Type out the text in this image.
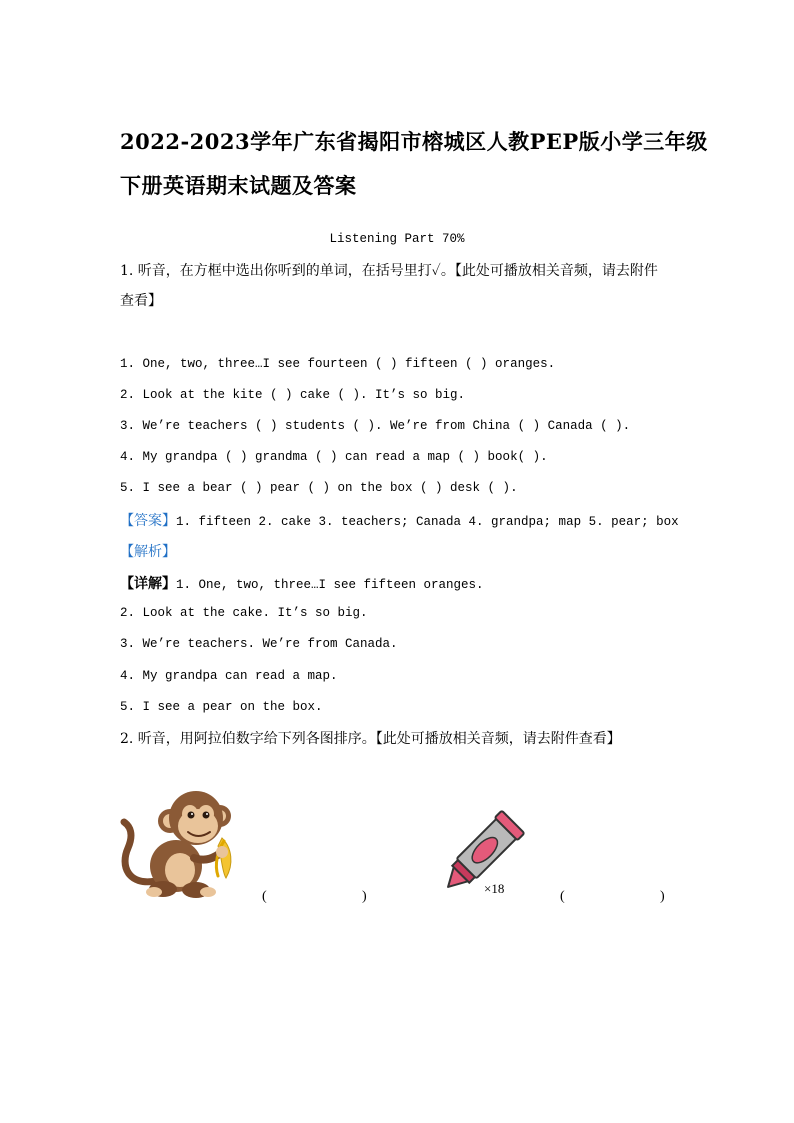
2022-2023学年广东省揭阳市榕城区人教PEP版小学三年级
下册英语期末试题及答案
Listening Part 70%
1. 听音，在方框中选出你听到的单词，在括号里打✓。【此处可播放相关音频，请去附件
查看】
1. One, two, three…I see fourteen ( ) fifteen ( ) oranges.
2. Look at the kite ( ) cake ( ). It’s so big.
3. We’re teachers ( ) students ( ). We’re from China ( ) Canada ( ).
4. My grandpa ( ) grandma ( ) can read a map ( ) book( ).
5. I see a bear ( ) pear ( ) on the box ( ) desk ( ).
【答案】1. fifteen 2. cake 3. teachers; Canada 4. grandpa; map 5. pear; box
【解析】
【详解】1. One, two, three…I see fifteen oranges.
2. Look at the cake. It’s so big.
3. We’re teachers. We’re from Canada.
4. My grandpa can read a map.
5. I see a pear on the box.
2. 听音，用阿拉伯数字给下列各图排序。【此处可播放相关音频，请去附件查看】
(	)
×18
(	)
